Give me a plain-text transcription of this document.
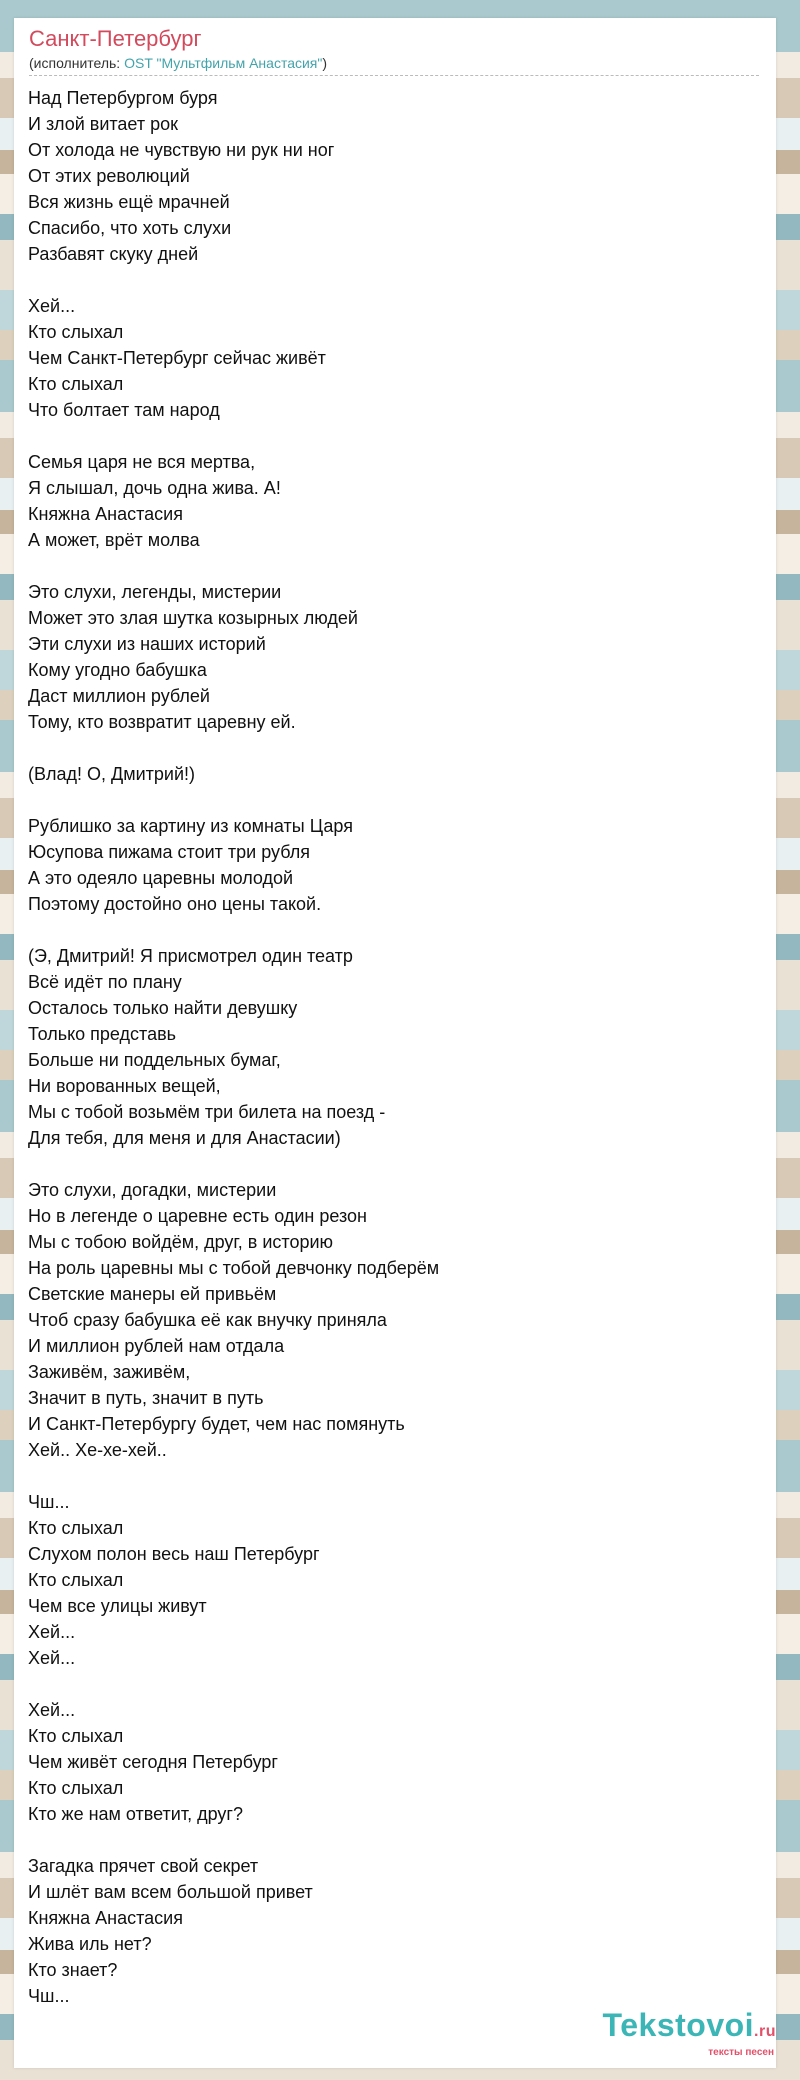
Санкт-Петербург
(исполнитель: OST "Мультфильм Анастасия")
Над Петербургом буря
И злой витает рок
От холода не чувствую ни рук ни ног
От этих революций
Вся жизнь ещё мрачней
Спасибо, что хоть слухи
Разбавят скуку дней
Хей...
Кто слыхал
Чем Санкт-Петербург сейчас живёт
Кто слыхал
Что болтает там народ
Семья царя не вся мертва,
Я слышал, дочь одна жива. А!
Княжна Анастасия
А может, врёт молва
Это слухи, легенды, мистерии
Может это злая шутка козырных людей
Эти слухи из наших историй
Кому угодно бабушка
Даст миллион рублей
Тому, кто возвратит царевну ей.
(Влад! О, Дмитрий!)
Рублишко за картину из комнаты Царя
Юсупова пижама стоит три рубля
А это одеяло царевны молодой
Поэтому достойно оно цены такой.
(Э, Дмитрий! Я присмотрел один театр
Всё идёт по плану
Осталось только найти девушку
Только представь
Больше ни поддельных бумаг,
Ни ворованных вещей,
Мы с тобой возьмём три билета на поезд -
Для тебя, для меня и для Анастасии)
Это слухи, догадки, мистерии
Но в легенде о царевне есть один резон
Мы с тобою войдём, друг, в историю
На роль царевны мы с тобой девчонку подберём
Светские манеры ей привьём
Чтоб сразу бабушка её как внучку приняла
И миллион рублей нам отдала
Заживём, заживём,
Значит в путь, значит в путь
И Санкт-Петербургу будет, чем нас помянуть
Хей.. Хе-хе-хей..
Чш...
Кто слыхал
Слухом полон весь наш Петербург
Кто слыхал
Чем все улицы живут
Хей...
Хей...
Хей...
Кто слыхал
Чем живёт сегодня Петербург
Кто слыхал
Кто же нам ответит, друг?
Загадка прячет свой секрет
И шлёт вам всем большой привет
Княжна Анастасия
Жива иль нет?
Кто знает?
Чш...
Tekstovoi.ru
тексты песен
